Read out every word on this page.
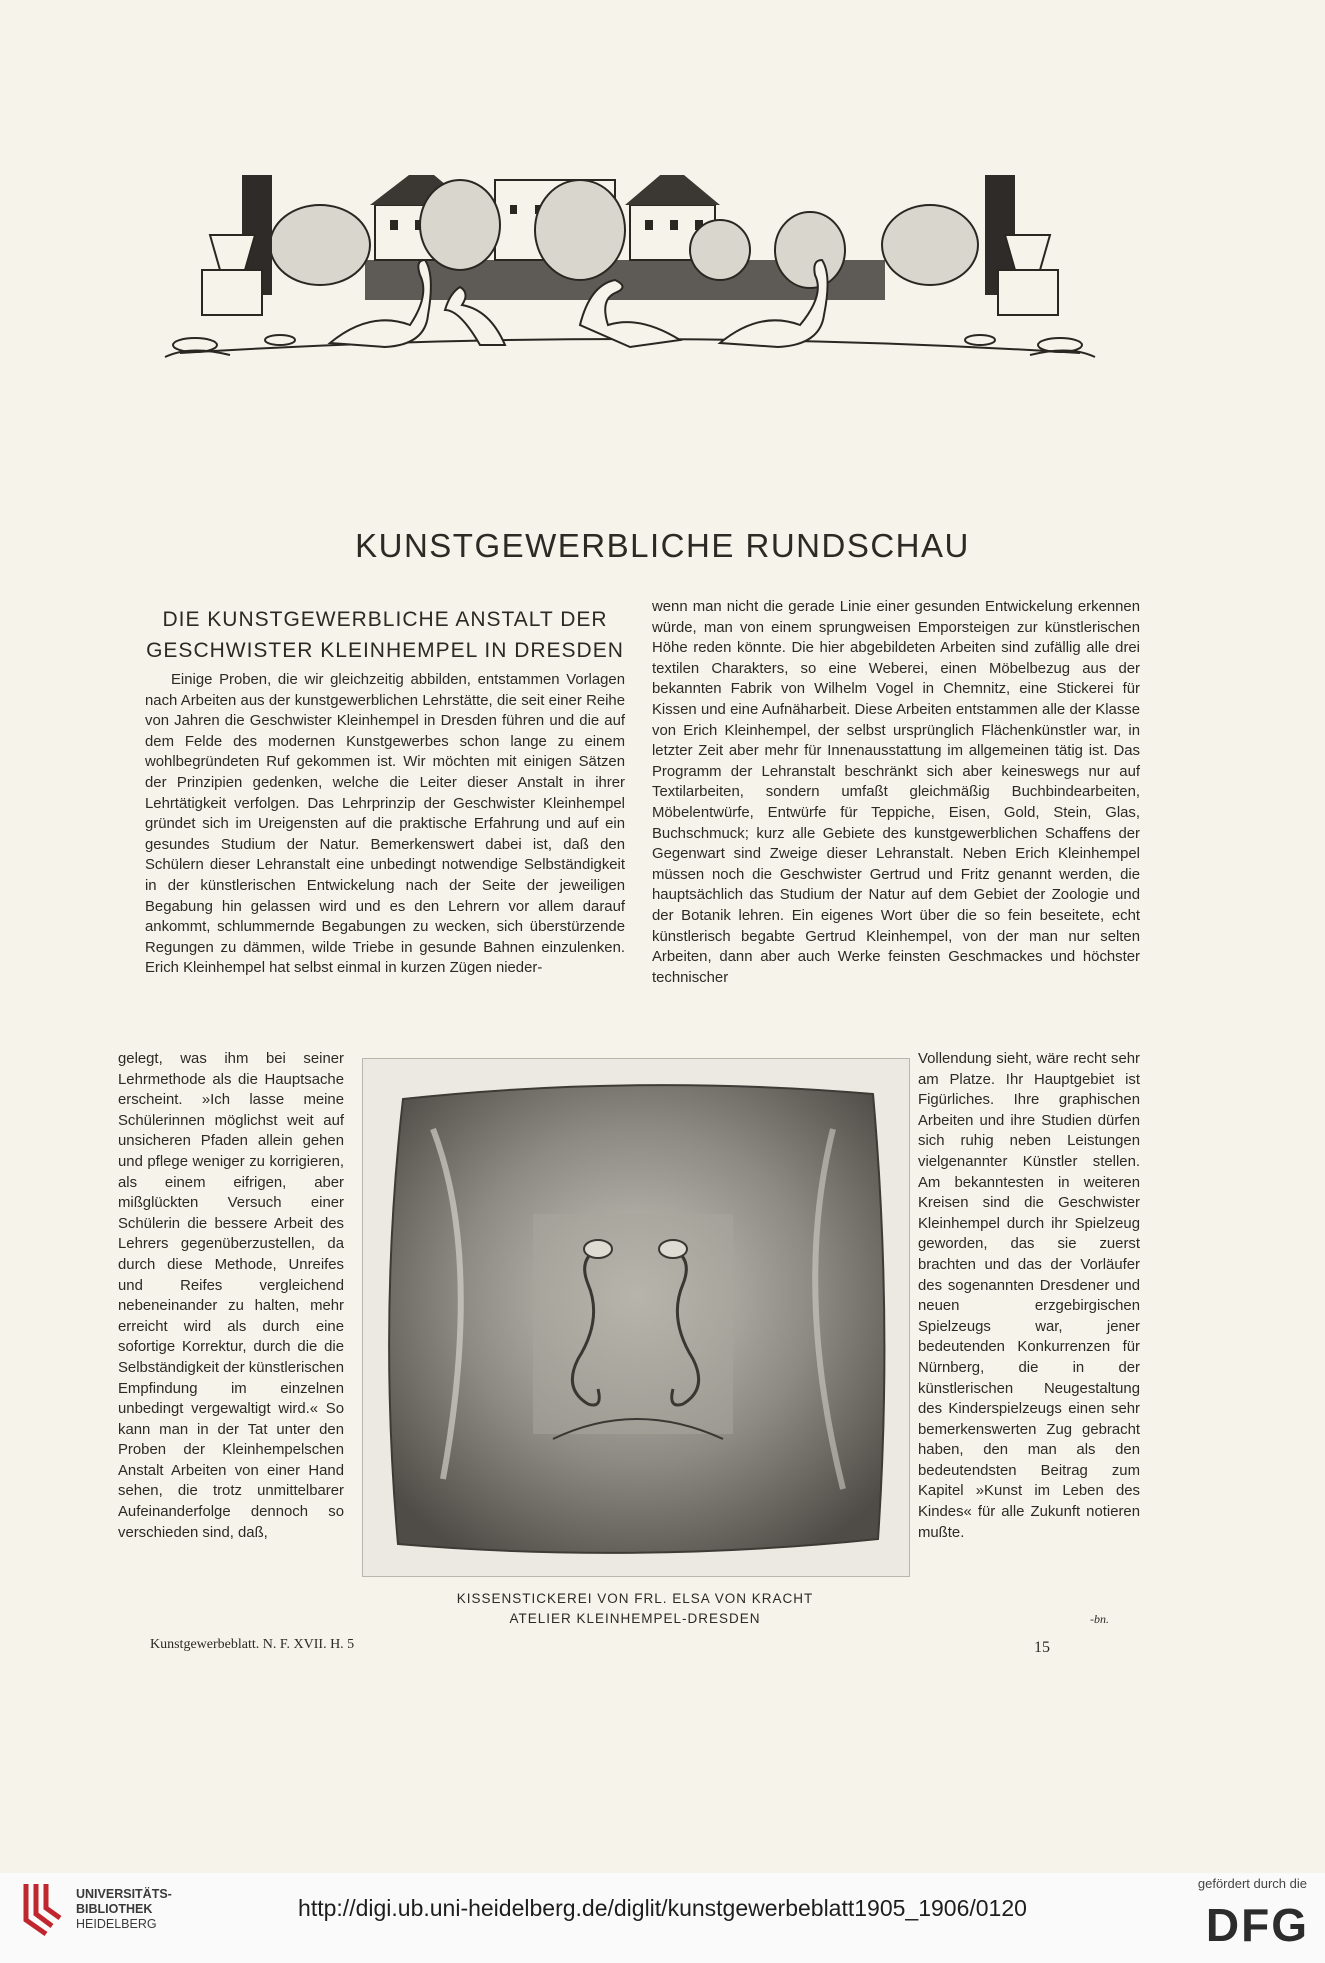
KUNSTGEWERBLICHE RUNDSCHAU
DIE KUNSTGEWERBLICHE ANSTALT DER
GESCHWISTER KLEINHEMPEL IN DRESDEN

Einige Proben, die wir gleichzeitig abbilden, entstammen Vorlagen nach Arbeiten aus der kunstgewerblichen Lehrstätte, die seit einer Reihe von Jahren die Geschwister Kleinhempel in Dresden führen und die auf dem Felde des modernen Kunstgewerbes schon lange zu einem wohlbegründeten Ruf gekommen ist. Wir möchten mit einigen Sätzen der Prinzipien gedenken, welche die Leiter dieser Anstalt in ihrer Lehrtätigkeit verfolgen. Das Lehrprinzip der Geschwister Kleinhempel gründet sich im Ureigensten auf die praktische Erfahrung und auf ein gesundes Studium der Natur. Bemerkenswert dabei ist, daß den Schülern dieser Lehranstalt eine unbedingt notwendige Selbständigkeit in der künstlerischen Entwickelung nach der Seite der jeweiligen Begabung hin gelassen wird und es den Lehrern vor allem darauf ankommt, schlummernde Begabungen zu wecken, sich überstürzende Regungen zu dämmen, wilde Triebe in gesunde Bahnen einzulenken. Erich Kleinhempel hat selbst einmal in kurzen Zügen nieder-

wenn man nicht die gerade Linie einer gesunden Entwickelung erkennen würde, man von einem sprungweisen Emporsteigen zur künstlerischen Höhe reden könnte. Die hier abgebildeten Arbeiten sind zufällig alle drei textilen Charakters, so eine Weberei, einen Möbelbezug aus der bekannten Fabrik von Wilhelm Vogel in Chemnitz, eine Stickerei für Kissen und eine Aufnäharbeit. Diese Arbeiten entstammen alle der Klasse von Erich Kleinhempel, der selbst ursprünglich Flächenkünstler war, in letzter Zeit aber mehr für Innenausstattung im allgemeinen tätig ist. Das Programm der Lehranstalt beschränkt sich aber keineswegs nur auf Textilarbeiten, sondern umfaßt gleichmäßig Buchbindearbeiten, Möbelentwürfe, Entwürfe für Teppiche, Eisen, Gold, Stein, Glas, Buchschmuck; kurz alle Gebiete des kunstgewerblichen Schaffens der Gegenwart sind Zweige dieser Lehranstalt. Neben Erich Kleinhempel müssen noch die Geschwister Gertrud und Fritz genannt werden, die hauptsächlich das Studium der Natur auf dem Gebiet der Zoologie und der Botanik lehren. Ein eigenes Wort über die so fein beseitete, echt künstlerisch begabte Gertrud Kleinhempel, von der man nur selten Arbeiten, dann aber auch Werke feinsten Geschmackes und höchster technischer

gelegt, was ihm bei seiner Lehrmethode als die Hauptsache erscheint. »Ich lasse meine Schülerinnen möglichst weit auf unsicheren Pfaden allein gehen und pflege weniger zu korrigieren, als einem eifrigen, aber mißglückten Versuch einer Schülerin die bessere Arbeit des Lehrers gegenüberzustellen, da durch diese Methode, Unreifes und Reifes vergleichend nebeneinander zu halten, mehr erreicht wird als durch eine sofortige Korrektur, durch die die Selbständigkeit der künstlerischen Empfindung im einzelnen unbedingt vergewaltigt wird.« So kann man in der Tat unter den Proben der Kleinhempelschen Anstalt Arbeiten von einer Hand sehen, die trotz unmittelbarer Aufeinanderfolge dennoch so verschieden sind, daß,

Vollendung sieht, wäre recht sehr am Platze. Ihr Hauptgebiet ist Figürliches. Ihre graphischen Arbeiten und ihre Studien dürfen sich ruhig neben Leistungen vielgenannter Künstler stellen. Am bekanntesten in weiteren Kreisen sind die Geschwister Kleinhempel durch ihr Spielzeug geworden, das sie zuerst brachten und das der Vorläufer des sogenannten Dresdener und neuen erzgebirgischen Spielzeugs war, jener bedeutenden Konkurrenzen für Nürnberg, die in der künstlerischen Neugestaltung des Kinderspielzeugs einen sehr bemerkenswerten Zug gebracht haben, den man als den bedeutendsten Beitrag zum Kapitel »Kunst im Leben des Kindes« für alle Zukunft notieren mußte.

KISSENSTICKEREI VON FRL. ELSA VON KRACHT
ATELIER KLEINHEMPEL-DRESDEN	-bn.
Kunstgewerbeblatt. N. F. XVII. H. 5	15
UNIVERSITÄTS-
BIBLIOTHEK
HEIDELBERG
http://digi.ub.uni-heidelberg.de/diglit/kunstgewerbeblatt1905_1906/0120
gefördert durch die
DFG
